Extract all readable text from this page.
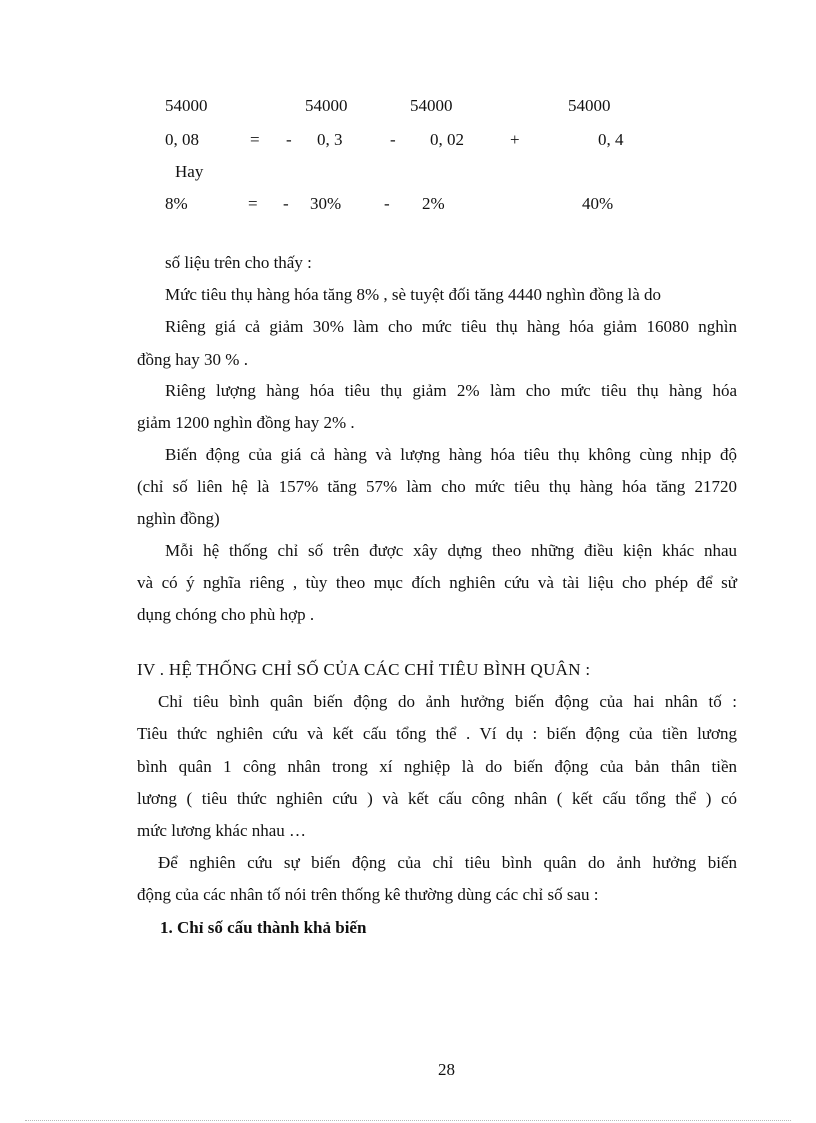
54000	54000	54000	54000
0, 08	= - 0, 3	- 0, 02	+	0, 4
Hay
8%	= - 30%	- 2%	40%
số liệu trên cho thấy :
Mức tiêu thụ hàng hóa tăng 8% , sè tuyệt đối tăng 4440 nghìn đồng là do
Riêng giá cả giảm 30% làm cho mức tiêu thụ hàng hóa giảm 16080 nghìn
đồng hay 30 % .
Riêng lượng hàng hóa tiêu thụ giảm 2% làm cho mức tiêu thụ hàng hóa
giảm 1200 nghìn đồng hay 2% .
Biến động của giá cả hàng và lượng hàng hóa tiêu thụ không cùng nhịp độ
(chỉ số liên hệ là 157% tăng 57% làm cho mức tiêu thụ hàng hóa tăng 21720
nghìn đồng)
Mỗi hệ thống chỉ số trên được xây dựng theo những điều kiện khác nhau
và có ý nghĩa riêng , tùy theo mục đích nghiên cứu và tài liệu cho phép để sử
dụng chóng cho phù hợp .
IV . HỆ THỐNG CHỈ SỐ CỦA CÁC CHỈ TIÊU BÌNH QUÂN :
Chỉ tiêu bình quân biến động do ảnh hưởng biến động của hai nhân tố :
Tiêu thức nghiên cứu và kết cấu tổng thể . Ví dụ : biến động của tiền lương
bình quân 1 công nhân trong xí nghiệp là do biến động của bản thân tiền
lương ( tiêu thức nghiên cứu ) và kết cấu công nhân ( kết cấu tổng thể ) có
mức lương khác nhau …
Để nghiên cứu sự biến động của chỉ tiêu bình quân do ảnh hưởng biến
động của các nhân tố nói trên thống kê thường dùng các chỉ số sau :
1. Chỉ số cấu thành khả biến
28
